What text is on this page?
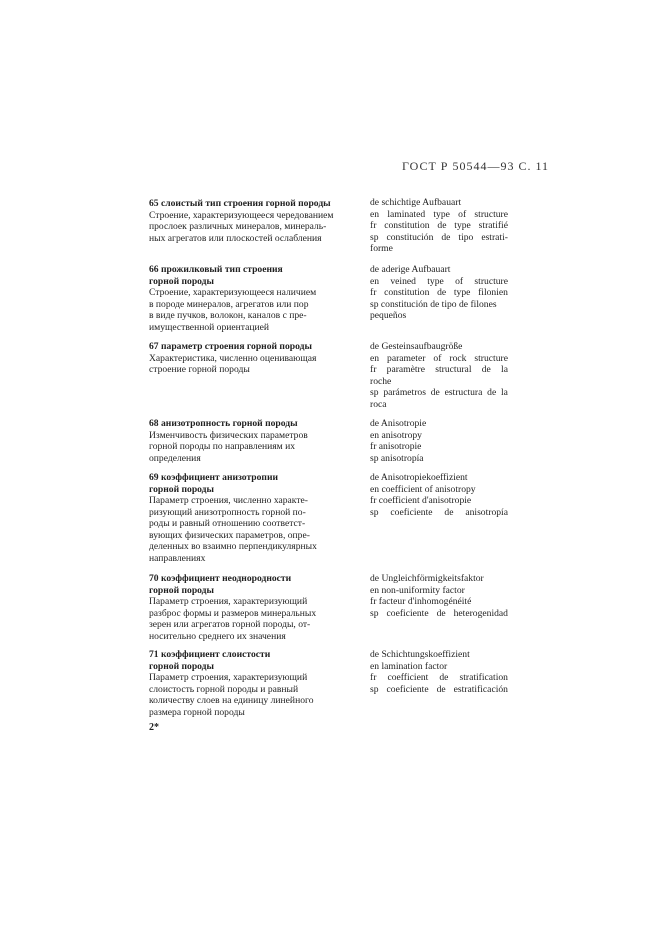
ГОСТ Р 50544—93 С. 11
65 слоистый тип строения горной породы
Строение, характеризующееся чередованием
прослоек различных минералов, минераль-
ных агрегатов или плоскостей ослабления
66 прожилковый тип строения
горной породы
Строение, характеризующееся наличием
в породе минералов, агрегатов или пор
в виде пучков, волокон, каналов с пре-
имущественной ориентацией
67 параметр строения горной породы
Характеристика, численно оценивающая
строение горной породы
68 анизотропность горной породы
Изменчивость физических параметров
горной породы по направлениям их
определения
69 коэффициент анизотропии
горной породы
Параметр строения, численно характе-
ризующий анизотропность горной по-
роды и равный отношению соответст-
вующих физических параметров, опре-
деленных во взаимно перпендикулярных
направлениях
70 коэффициент неоднородности
горной породы
Параметр строения, характеризующий
разброс формы и размеров минеральных
зерен или агрегатов горной породы, от-
носительно среднего их значения
71 коэффициент слоистости
горной породы
Параметр строения, характеризующий
слоистость горной породы и равный
количеству слоев на единицу линейного
размера горной породы
de schichtige Aufbauart
en laminated type of structure
fr constitution de type stratifié
sp constitución de tipo estrati-
forme
de aderige Aufbauart
en veined type of structure
fr constitution de type filonien
sp constitución de tipo de filones
pequeños
de Gesteinsaufbaugröße
en parameter of rock structure
fr paramètre structural de la
roche
sp parámetros de estructura de la
roca
de Anisotropie
en anisotropy
fr anisotropie
sp anisotropía
de Anisotropiekoeffizient
en coefficient of anisotropy
fr coefficient d'anisotropie
sp coeficiente de anisotropía
de Ungleichförmigkeitsfaktor
en non-uniformity factor
fr facteur d'inhomogénéité
sp coeficiente de heterogenidad
de Schichtungskoeffizient
en lamination factor
fr coefficient de stratification
sp coeficiente de estratificación
2*
